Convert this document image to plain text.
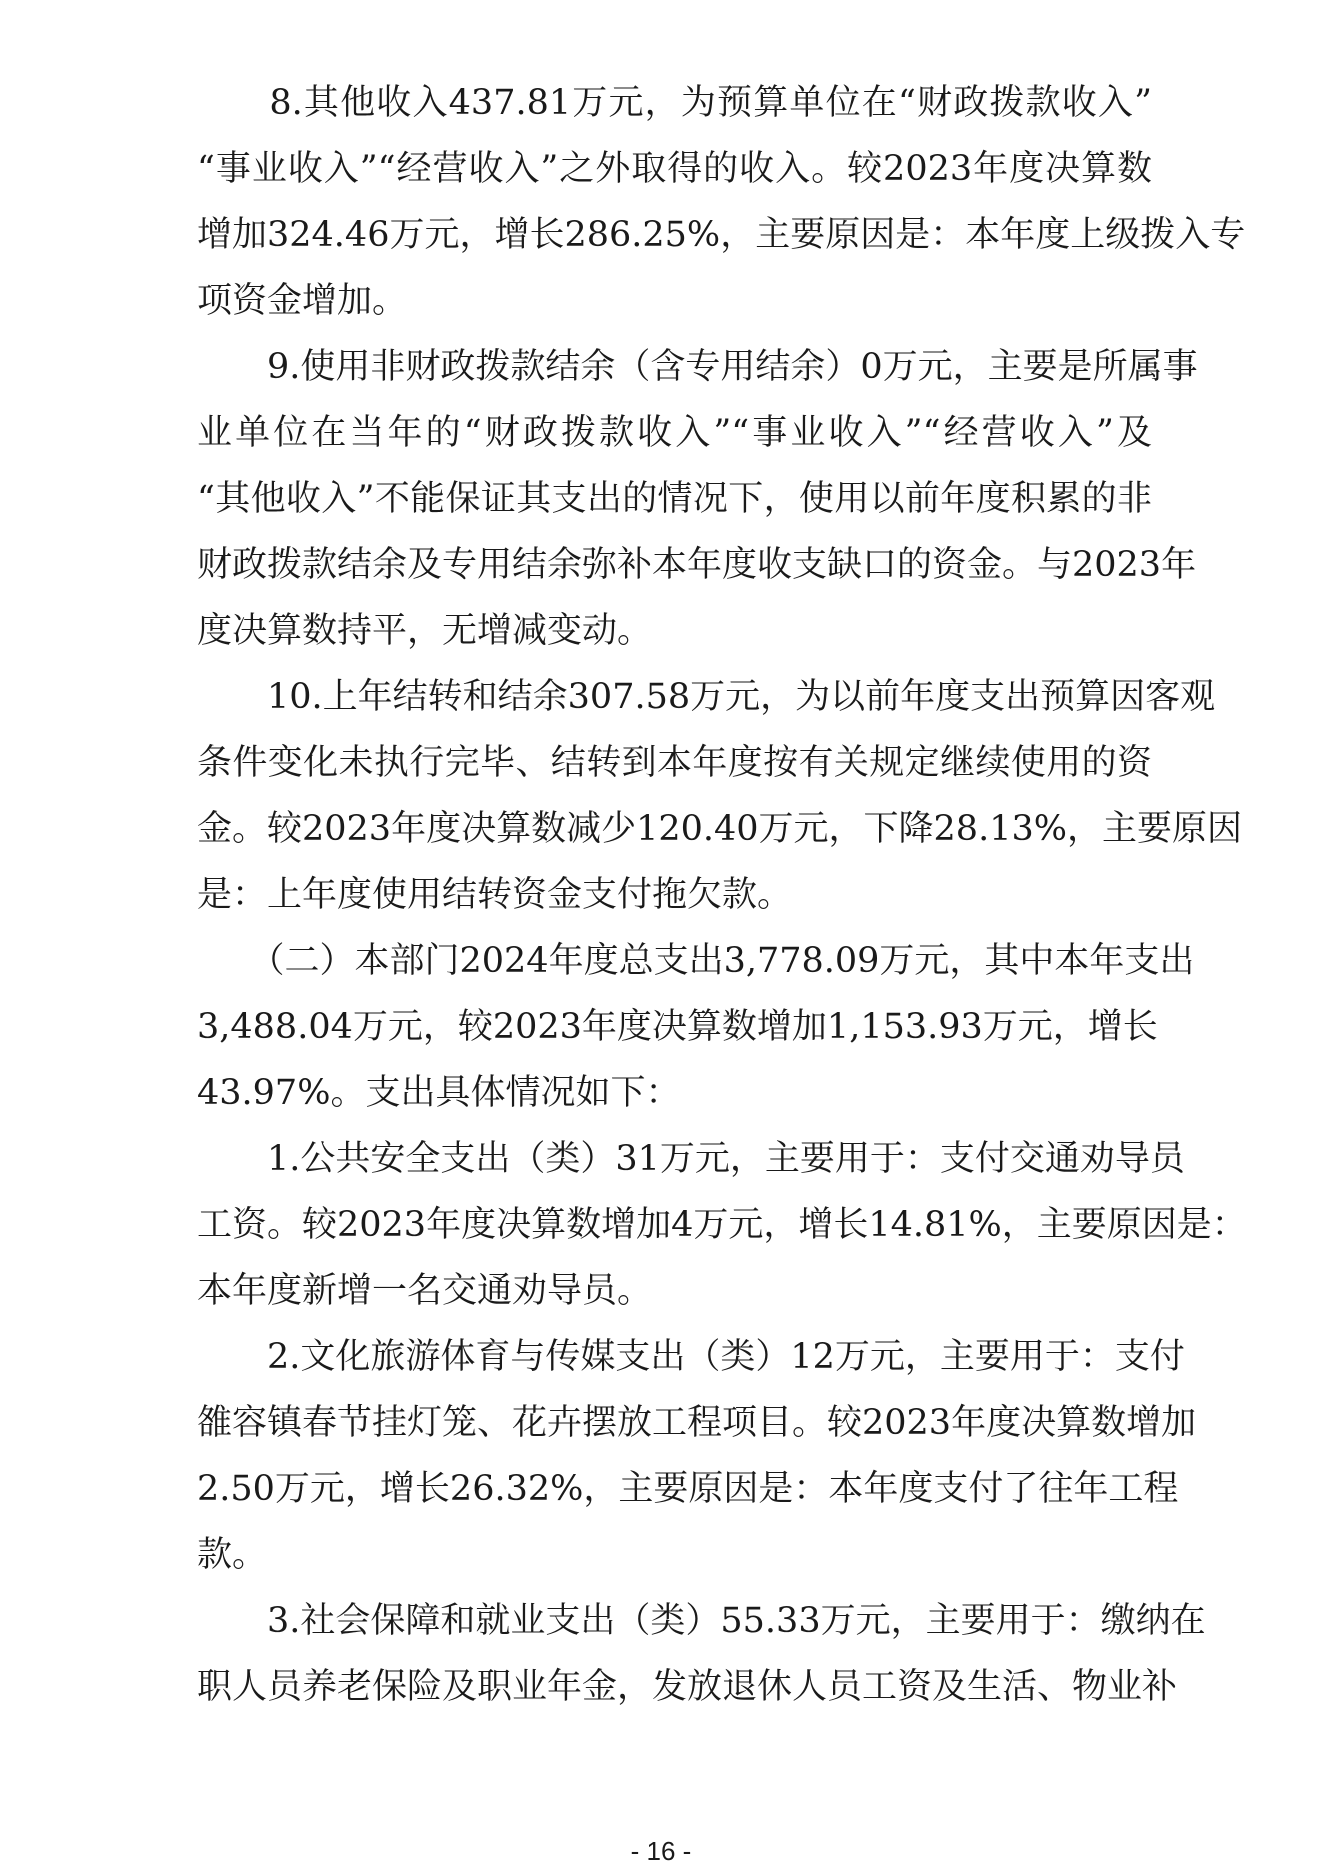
　　8.其他收入437.81万元，为预算单位在“财政拨款收入”
“事业收入”“经营收入”之外取得的收入。较2023年度决算数
增加324.46万元，增长286.25%，主要原因是：本年度上级拨入专
项资金增加。
　　9.使用非财政拨款结余（含专用结余）0万元，主要是所属事
业单位在当年的“财政拨款收入”“事业收入”“经营收入”及
“其他收入”不能保证其支出的情况下，使用以前年度积累的非
财政拨款结余及专用结余弥补本年度收支缺口的资金。与2023年
度决算数持平，无增减变动。
　　10.上年结转和结余307.58万元，为以前年度支出预算因客观
条件变化未执行完毕、结转到本年度按有关规定继续使用的资
金。较2023年度决算数减少120.40万元，下降28.13%，主要原因
是：上年度使用结转资金支付拖欠款。
　　（二）本部门2024年度总支出3,778.09万元，其中本年支出
3,488.04万元，较2023年度决算数增加1,153.93万元，增长
43.97%。支出具体情况如下：
　　1.公共安全支出（类）31万元，主要用于：支付交通劝导员
工资。较2023年度决算数增加4万元，增长14.81%，主要原因是：
本年度新增一名交通劝导员。
　　2.文化旅游体育与传媒支出（类）12万元，主要用于：支付
雒容镇春节挂灯笼、花卉摆放工程项目。较2023年度决算数增加
2.50万元，增长26.32%，主要原因是：本年度支付了往年工程
款。
　　3.社会保障和就业支出（类）55.33万元，主要用于：缴纳在
职人员养老保险及职业年金，发放退休人员工资及生活、物业补
- 16 -
